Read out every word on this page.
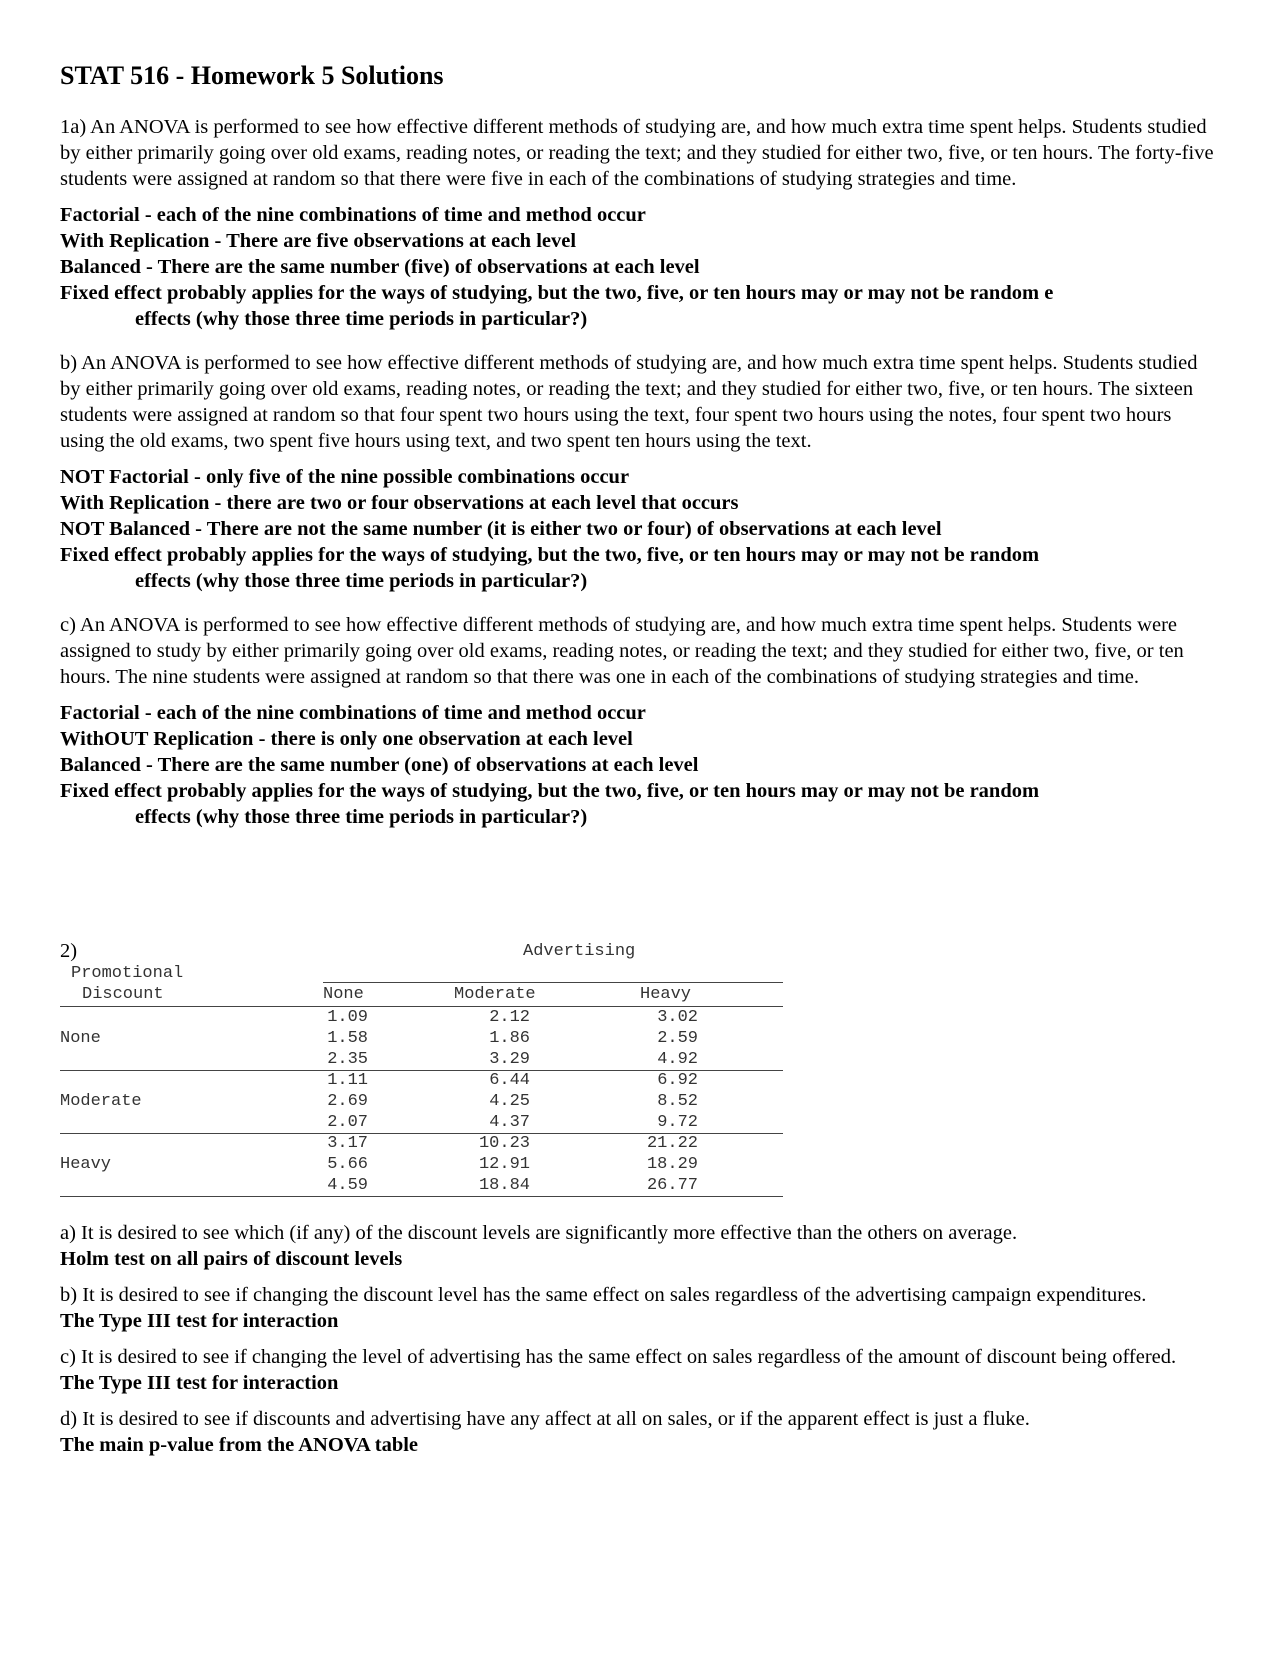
STAT 516 - Homework 5 Solutions

1a) An ANOVA is performed to see how effective different methods of studying are, and how much extra time spent helps. Students studied by either primarily going over old exams, reading notes, or reading the text; and they studied for either two, five, or ten hours. The forty-five students were assigned at random so that there were five in each of the combinations of studying strategies and time.

Factorial - each of the nine combinations of time and method occur
With Replication - There are five observations at each level
Balanced - There are the same number (five) of observations at each level
Fixed effect probably applies for the ways of studying, but the two, five, or ten hours may or may not be random e
effects (why those three time periods in particular?)

b) An ANOVA is performed to see how effective different methods of studying are, and how much extra time spent helps. Students studied by either primarily going over old exams, reading notes, or reading the text; and they studied for either two, five, or ten hours. The sixteen students were assigned at random so that four spent two hours using the text, four spent two hours using the notes, four spent two hours using the old exams, two spent five hours using text, and two spent ten hours using the text.

NOT Factorial - only five of the nine possible combinations occur
With Replication - there are two or four observations at each level that occurs
NOT Balanced - There are not the same number (it is either two or four) of observations at each level
Fixed effect probably applies for the ways of studying, but the two, five, or ten hours may or may not be random
effects (why those three time periods in particular?)

c) An ANOVA is performed to see how effective different methods of studying are, and how much extra time spent helps. Students were assigned to study by either primarily going over old exams, reading notes, or reading the text; and they studied for either two, five, or ten hours. The nine students were assigned at random so that there was one in each of the combinations of studying strategies and time.

Factorial - each of the nine combinations of time and method occur
WithOUT Replication - there is only one observation at each level
Balanced - There are the same number (one) of observations at each level
Fixed effect probably applies for the ways of studying, but the two, five, or ten hours may or may not be random
effects (why those three time periods in particular?)
2)	Advertising
Promotional
Discount	None	Moderate	Heavy
1.09	2.12	3.02
1.58	1.86	2.59
None
2.35	3.29	4.92
1.11	6.44	6.92
2.69	4.25	8.52
Moderate
2.07	4.37	9.72
3.17	10.23	21.22
5.66	12.91	18.29
Heavy
4.59	18.84	26.77

a) It is desired to see which (if any) of the discount levels are significantly more effective than the others on average.

Holm test on all pairs of discount levels

b) It is desired to see if changing the discount level has the same effect on sales regardless of the advertising campaign expenditures.

The Type III test for interaction

c) It is desired to see if changing the level of advertising has the same effect on sales regardless of the amount of discount being offered.

The Type III test for interaction

d) It is desired to see if discounts and advertising have any affect at all on sales, or if the apparent effect is just a fluke.

The main p-value from the ANOVA table
